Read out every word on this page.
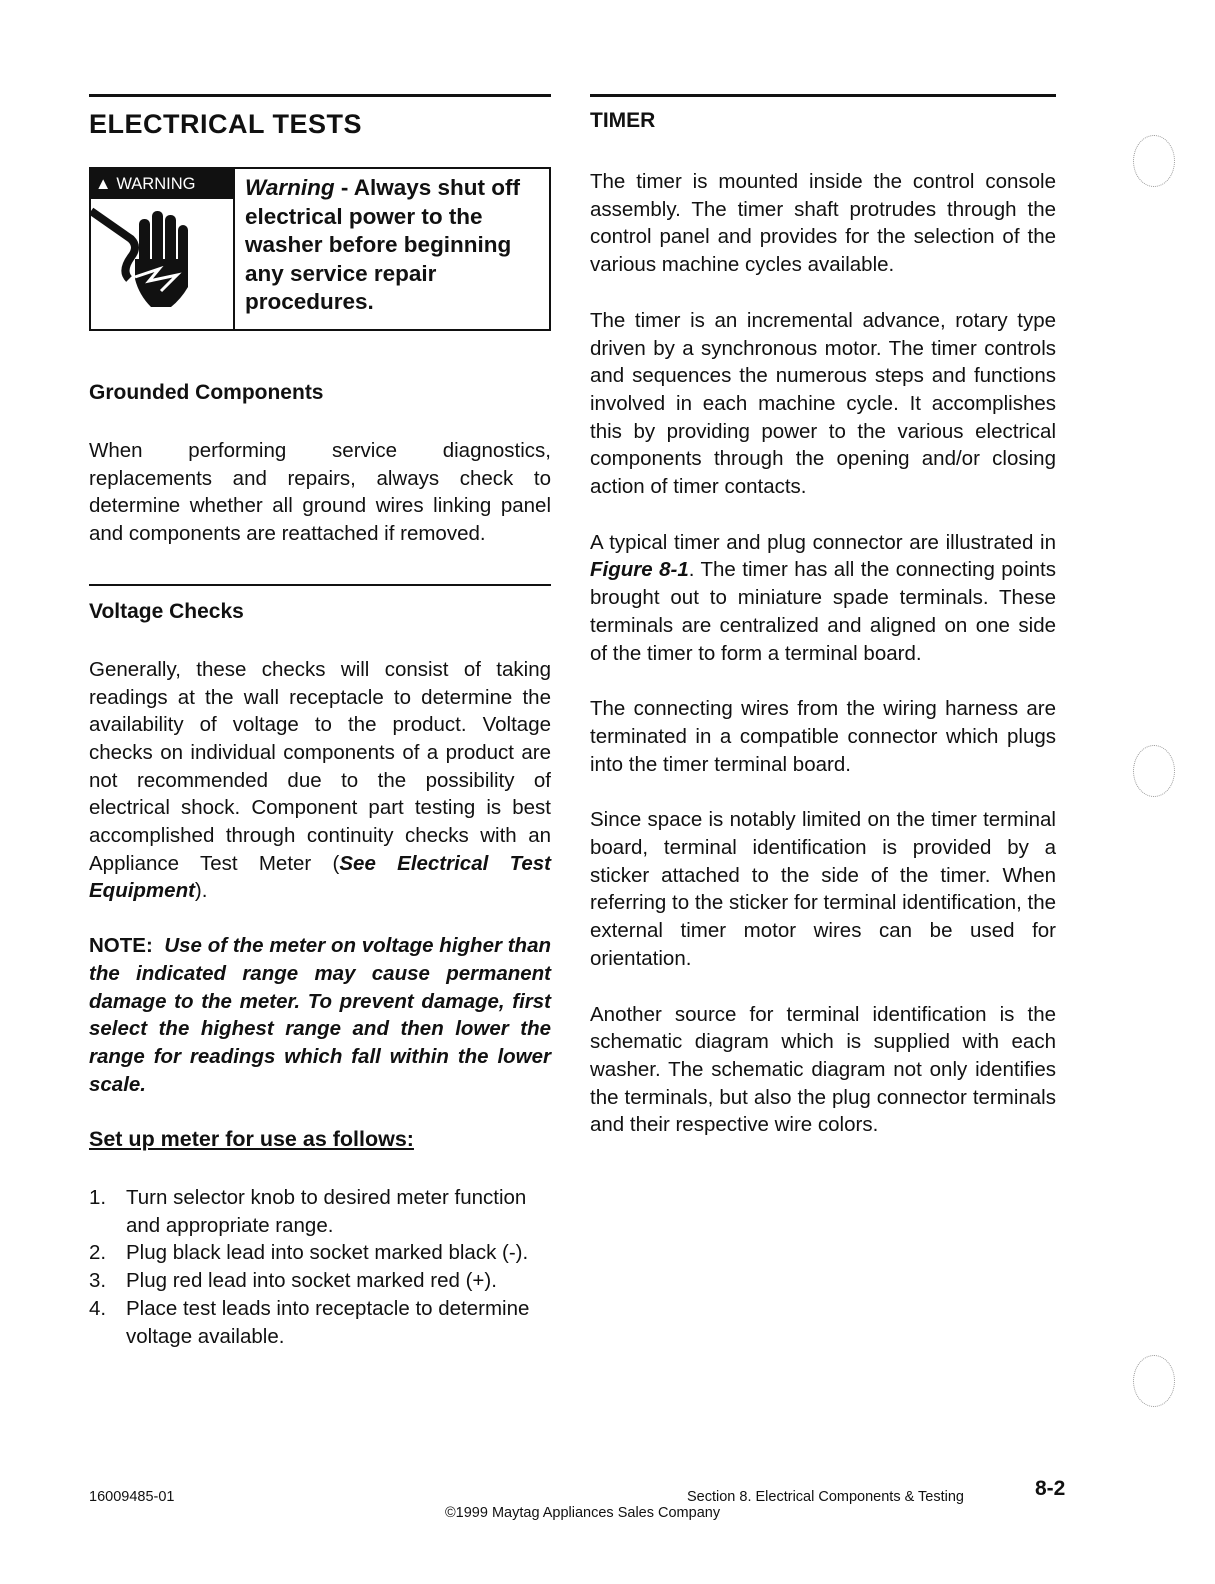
ELECTRICAL TESTS
▲ WARNING	Warning - Always shut off electrical power to the washer before beginning any service repair procedures.
Grounded Components

When performing service diagnostics, replacements and repairs, always check to determine whether all ground wires linking panel and components are reattached if removed.

Voltage Checks

Generally, these checks will consist of taking readings at the wall receptacle to determine the availability of voltage to the product. Voltage checks on individual components of a product are not recommended due to the possibility of electrical shock. Component part testing is best accomplished through continuity checks with an Appliance Test Meter (See Electrical Test Equipment).

NOTE: Use of the meter on voltage higher than the indicated range may cause permanent damage to the meter. To prevent damage, first select the highest range and then lower the range for readings which fall within the lower scale.

Set up meter for use as follows:

1. Turn selector knob to desired meter function and appropriate range.
2. Plug black lead into socket marked black (-).
3. Plug red lead into socket marked red (+).
4. Place test leads into receptacle to determine voltage available.
TIMER

The timer is mounted inside the control console assembly. The timer shaft protrudes through the control panel and provides for the selection of the various machine cycles available.

The timer is an incremental advance, rotary type driven by a synchronous motor. The timer controls and sequences the numerous steps and functions involved in each machine cycle. It accomplishes this by providing power to the various electrical components through the opening and/or closing action of timer contacts.

A typical timer and plug connector are illustrated in Figure 8-1. The timer has all the connecting points brought out to miniature spade terminals. These terminals are centralized and aligned on one side of the timer to form a terminal board.

The connecting wires from the wiring harness are terminated in a compatible connector which plugs into the timer terminal board.

Since space is notably limited on the timer terminal board, terminal identification is provided by a sticker attached to the side of the timer. When referring to the sticker for terminal identification, the external timer motor wires can be used for orientation.

Another source for terminal identification is the schematic diagram which is supplied with each washer. The schematic diagram not only identifies the terminals, but also the plug connector terminals and their respective wire colors.

16009485-01	Section 8. Electrical Components & Testing
©1999 Maytag Appliances Sales Company
8-2
